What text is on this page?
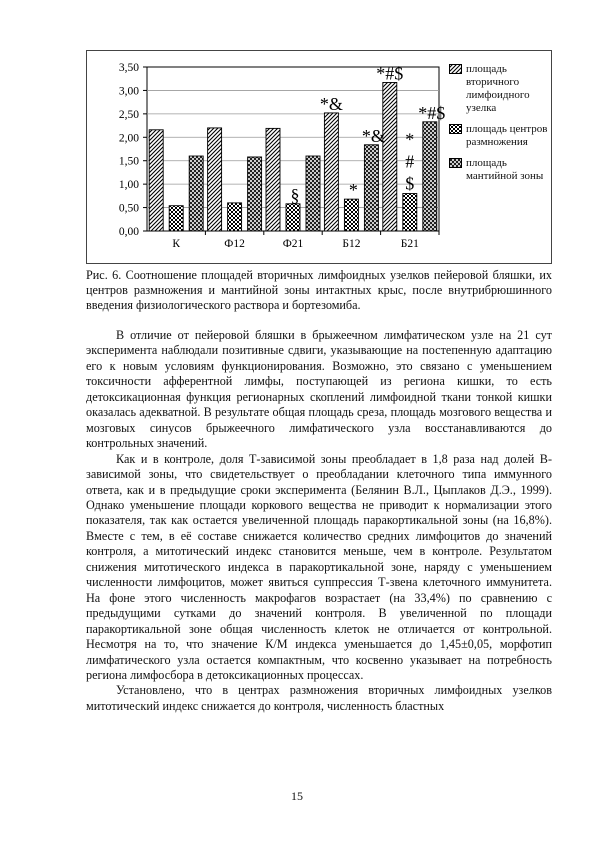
0,00
0,50
1,00
1,50
2,00
2,50
3,00
3,50
К	Ф12	Ф21	Б12	Б21
*&
*&
*#$
*#$
§	*
*
#
$
площадь вторичного лимфоидного узелка
площадь центров размножения
площадь мантийной зоны
Рис. 6. Соотношение площадей вторичных лимфоидных узелков пейеровой бляшки, их центров размножения и мантийной зоны интактных крыс, после внутрибрюшинного введения физиологического раствора и бортезомиба.

В отличие от пейеровой бляшки в брыжеечном лимфатическом узле на 21 сут эксперимента наблюдали позитивные сдвиги, указывающие на постепенную адаптацию его к новым условиям функционирования. Возможно, это связано с уменьшением токсичности афферентной лимфы, поступающей из региона кишки, то есть детоксикационная функция регионарных скоплений лимфоидной ткани тонкой кишки оказалась адекватной. В результате общая площадь среза, площадь мозгового вещества и мозговых синусов брыжеечного лимфатического узла восстанавливаются до контрольных значений.

Как и в контроле, доля Т-зависимой зоны преобладает в 1,8 раза над долей В-зависимой зоны, что свидетельствует о преобладании клеточного типа иммунного ответа, как и в предыдущие сроки эксперимента (Белянин В.Л., Цыплаков Д.Э., 1999). Однако уменьшение площади коркового вещества не приводит к нормализации этого показателя, так как остается увеличенной площадь паракортикальной зоны (на 16,8%). Вместе с тем, в её составе снижается количество средних лимфоцитов до значений контроля, а митотический индекс становится меньше, чем в контроле. Результатом снижения митотического индекса в паракортикальной зоне, наряду с уменьшением численности лимфоцитов, может явиться суппрессия Т-звена клеточного иммунитета. На фоне этого численность макрофагов возрастает (на 33,4%) по сравнению с предыдущими сутками до значений контроля. В увеличенной по площади паракортикальной зоне общая численность клеток не отличается от контрольной. Несмотря на то, что значение К/М индекса уменьшается до 1,45±0,05, морфотип лимфатического узла остается компактным, что косвенно указывает на потребность региона лимфосбора в детоксикационных процессах.

Установлено, что в центрах размножения вторичных лимфоидных узелков митотический индекс снижается до контроля, численность бластных

15
